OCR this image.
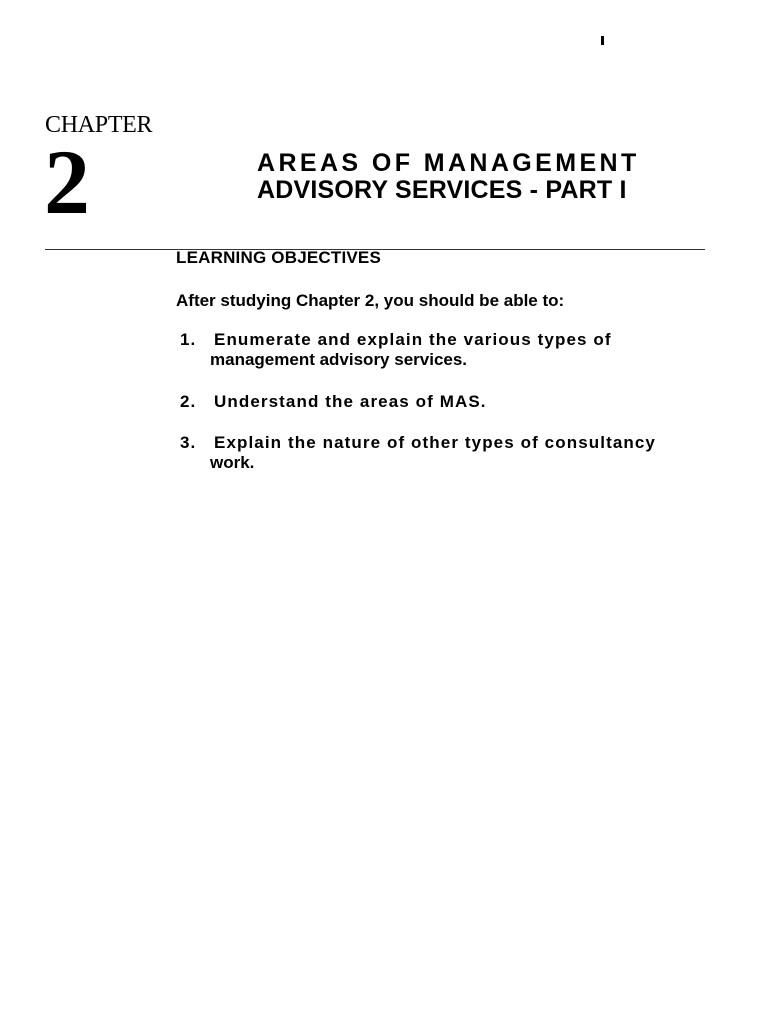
CHAPTER
2	AREAS OF MANAGEMENT
ADVISORY SERVICES - PART I
LEARNING OBJECTIVES
After studying Chapter 2, you should be able to:
1. Enumerate and explain the various types of
management advisory services.
2. Understand the areas of MAS.
3. Explain the nature of other types of consultancy
work.
